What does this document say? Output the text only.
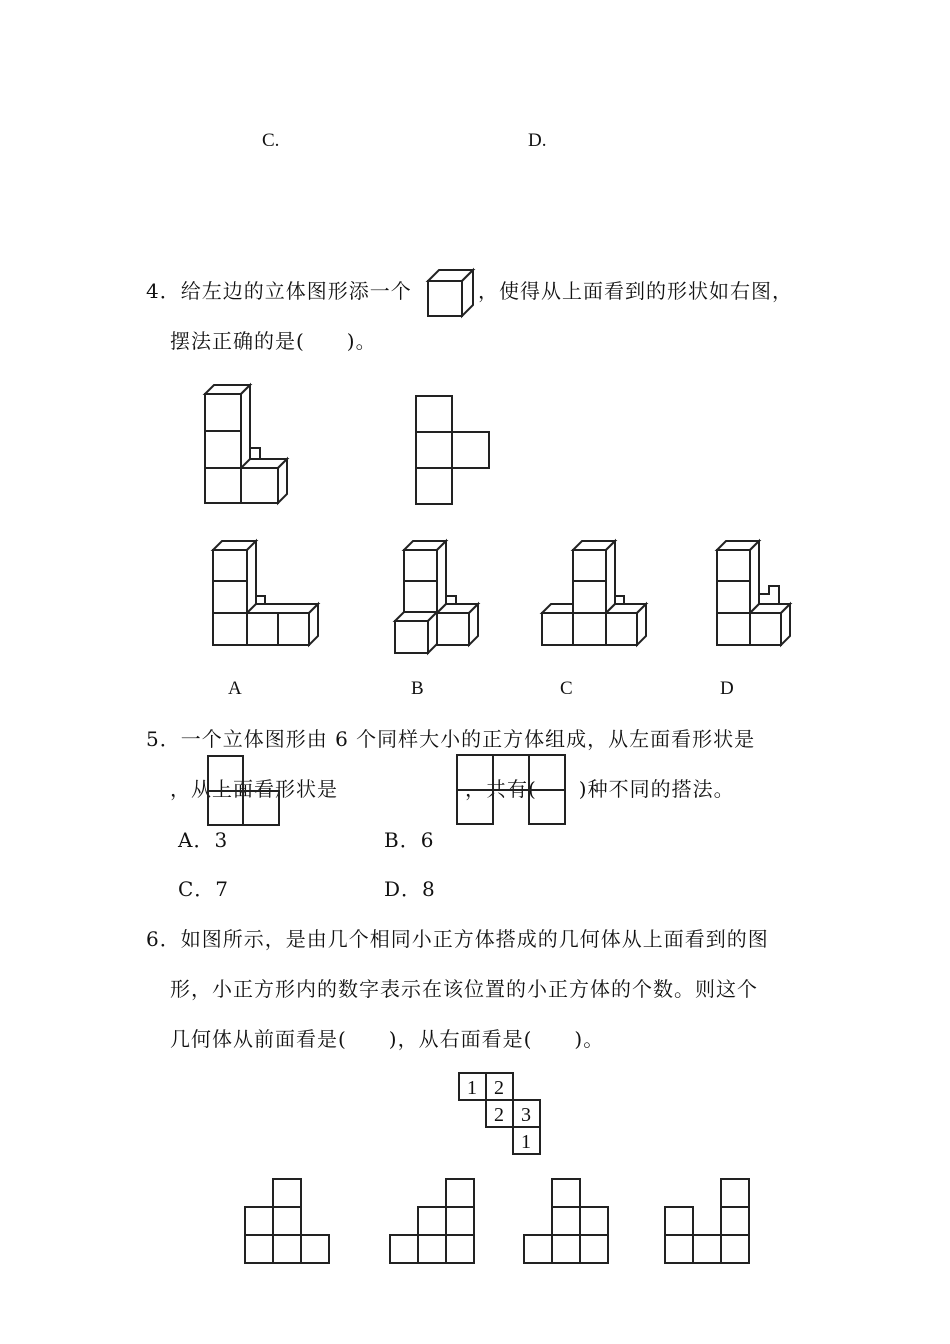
C.	D.
4．给左边的立体图形添一个	，使得从上面看到的形状如右图，
摆法正确的是(　　)。
A	B	C	D
5．一个立体图形由 6 个同样大小的正方体组成，从左面看形状是
，从上面看形状是	，共有(　　)种不同的搭法。
A．3	B．6
C．7	D．8
6．如图所示，是由几个相同小正方体搭成的几何体从上面看到的图
形，小正方形内的数字表示在该位置的小正方体的个数。则这个
几何体从前面看是(　　)，从右面看是(　　)。
1 2
2 3
1
